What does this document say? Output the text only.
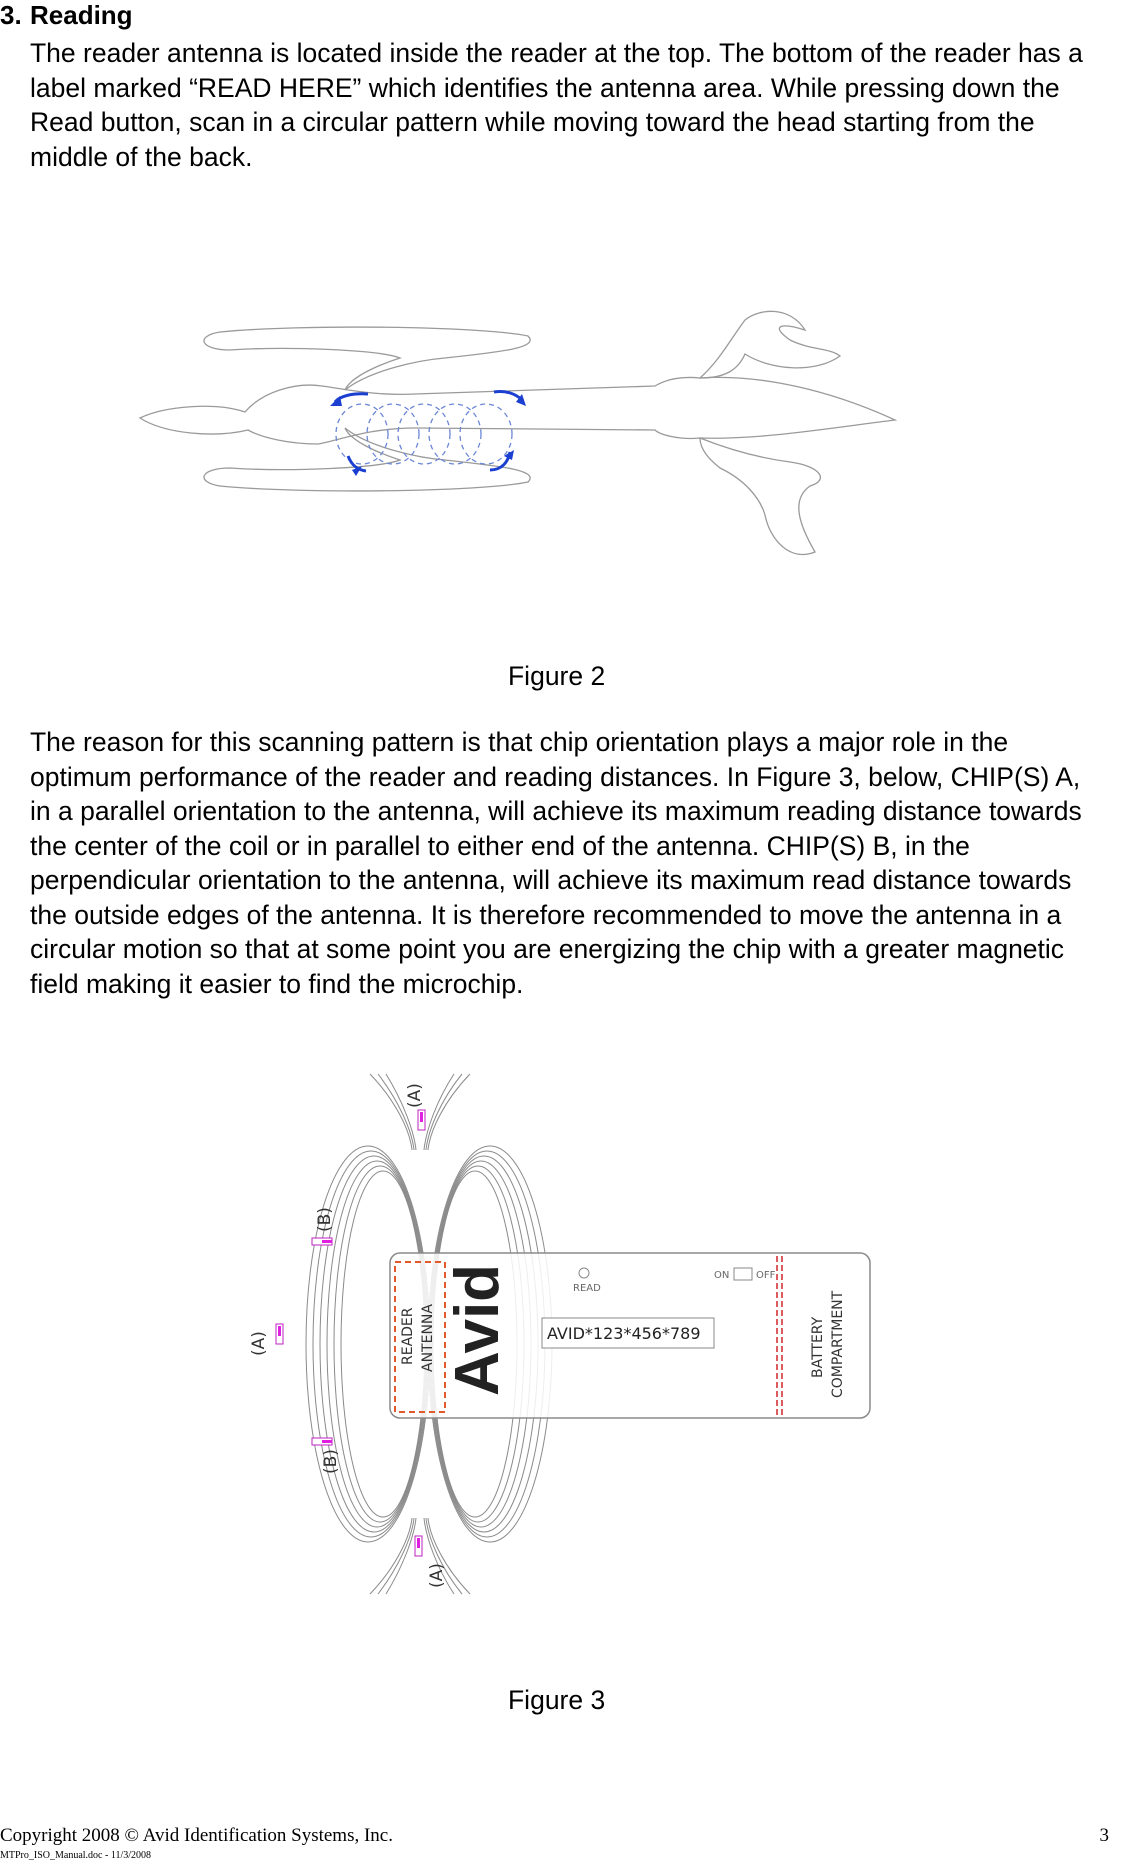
3. Reading

The reader antenna is located inside the reader at the top. The bottom of the reader has a label marked “READ HERE” which identifies the antenna area. While pressing down the Read button, scan in a circular pattern while moving toward the head starting from the middle of the back.

Figure 2

The reason for this scanning pattern is that chip orientation plays a major role in the optimum performance of the reader and reading distances. In Figure 3, below, CHIP(S) A, in a parallel orientation to the antenna, will achieve its maximum reading distance towards the center of the coil or in parallel to either end of the antenna. CHIP(S) B, in the perpendicular orientation to the antenna, will achieve its maximum read distance towards the outside edges of the antenna. It is therefore recommended to move the antenna in a circular motion so that at some point you are energizing the chip with a greater magnetic field making it easier to find the microchip.

READER ANTENNA Avid	READ
ON	OFF
AVID*123*456*789	BATTERY COMPARTMENT
(A)
(B)
(A)
(B)
(A)
Figure 3
Copyright 2008 © Avid Identification Systems, Inc.	3
MTPro_ISO_Manual.doc - 11/3/2008
